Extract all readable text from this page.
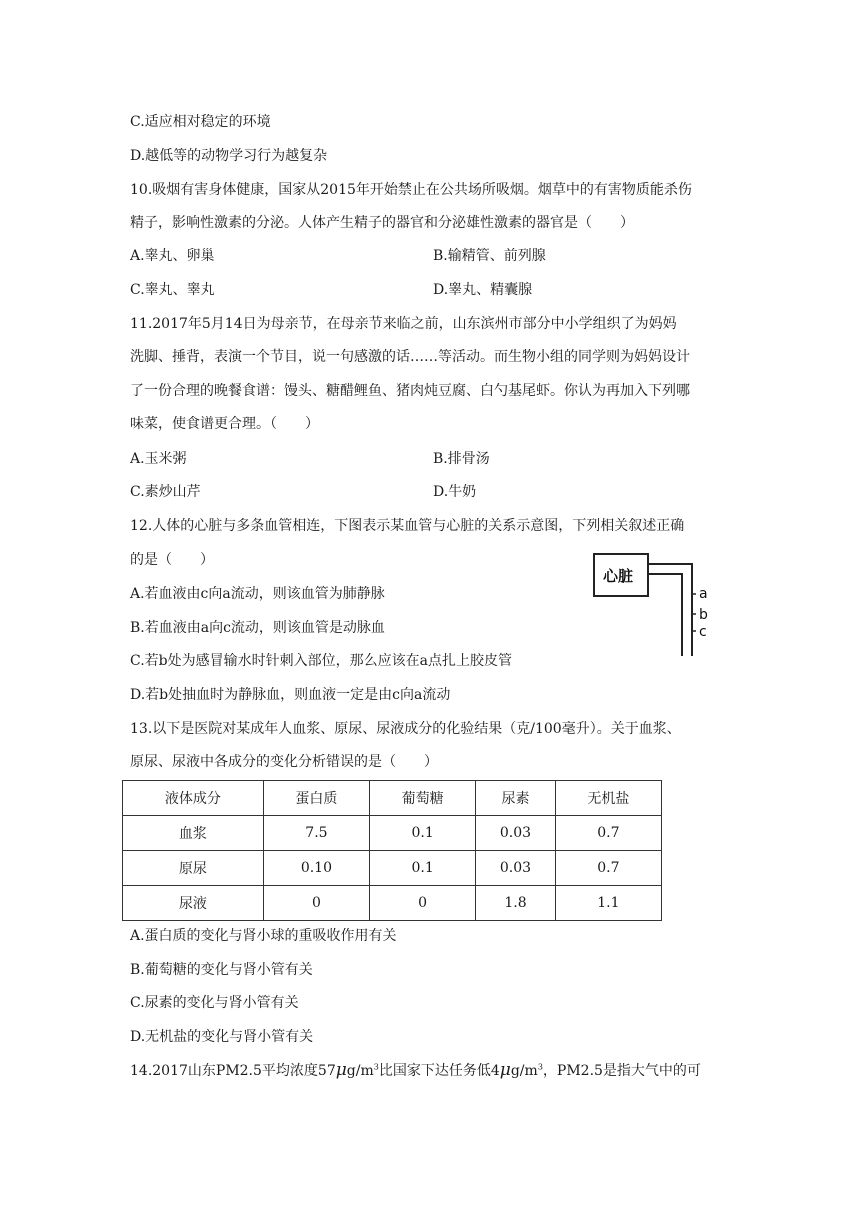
C.适应相对稳定的环境
D.越低等的动物学习行为越复杂
10.吸烟有害身体健康，国家从2015年开始禁止在公共场所吸烟。烟草中的有害物质能杀伤
精子，影响性激素的分泌。人体产生精子的器官和分泌雄性激素的器官是（　　）
A.睾丸、卵巢	B.输精管、前列腺
C.睾丸、睾丸	D.睾丸、精囊腺
11.2017年5月14日为母亲节，在母亲节来临之前，山东滨州市部分中小学组织了为妈妈
洗脚、捶背，表演一个节目，说一句感激的话……等活动。而生物小组的同学则为妈妈设计
了一份合理的晚餐食谱：馒头、糖醋鲤鱼、猪肉炖豆腐、白勺基尾虾。你认为再加入下列哪
味菜，使食谱更合理。（　　）
A.玉米粥	B.排骨汤
C.素炒山芹	D.牛奶
12.人体的心脏与多条血管相连，下图表示某血管与心脏的关系示意图，下列相关叙述正确
的是（　　）
A.若血液由c向a流动，则该血管为肺静脉
B.若血液由a向c流动，则该血管是动脉血
C.若b处为感冒输水时针刺入部位，那么应该在a点扎上胶皮管
D.若b处抽血时为静脉血，则血液一定是由c向a流动
心脏
a
b
c
13.以下是医院对某成年人血浆、原尿、尿液成分的化验结果（克/100毫升）。关于血浆、
原尿、尿液中各成分的变化分析错误的是（　　）
液体成分	蛋白质	葡萄糖	尿素	无机盐
血浆	7.5	0.1	0.03	0.7
原尿	0.10	0.1	0.03	0.7
尿液	0	0	1.8	1.1
A.蛋白质的变化与肾小球的重吸收作用有关
B.葡萄糖的变化与肾小管有关
C.尿素的变化与肾小管有关
D.无机盐的变化与肾小管有关
14.2017山东PM2.5平均浓度$57\mu g/m^3$比国家下达任务低$4\mu g/m^3$，PM2.5是指大气中的可
